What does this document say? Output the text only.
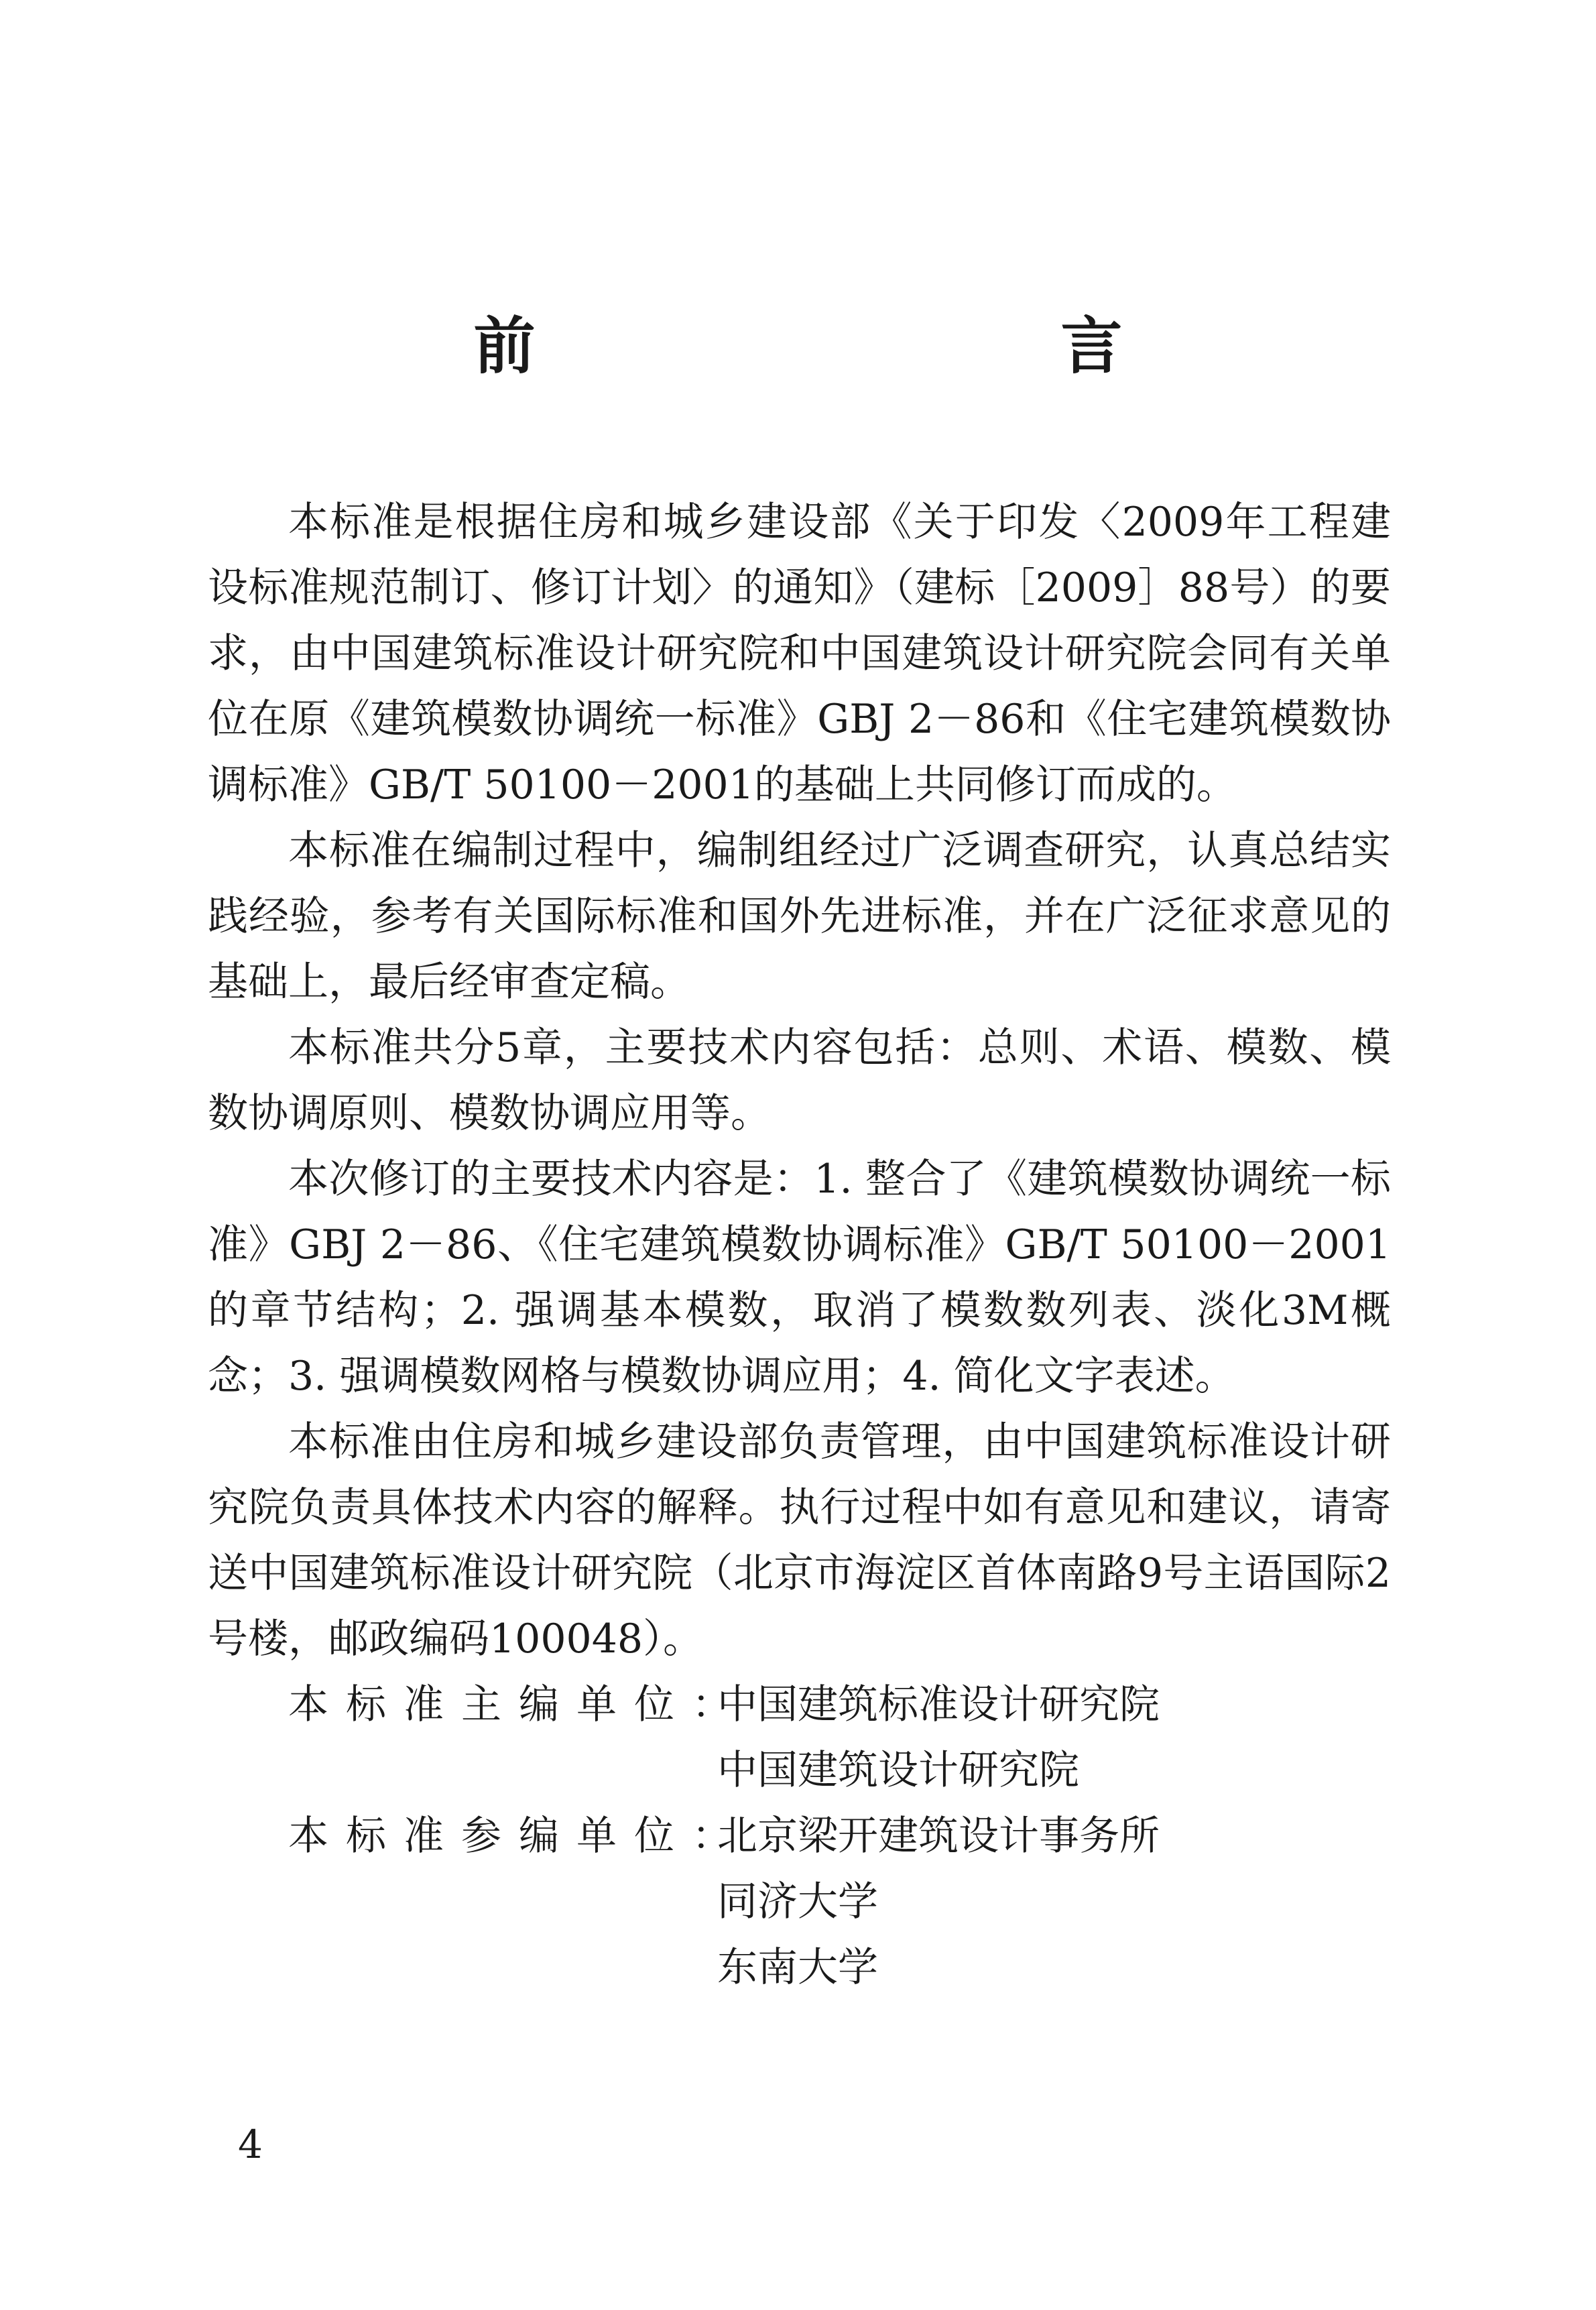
前　　言

本标准是根据住房和城乡建设部《关于印发〈2009年工程建设标准规范制订、修订计划〉的通知》（建标［2009］88号）的要求，由中国建筑标准设计研究院和中国建筑设计研究院会同有关单位在原《建筑模数协调统一标准》GBJ 2－86和《住宅建筑模数协调标准》GB/T 50100－2001的基础上共同修订而成的。

本标准在编制过程中，编制组经过广泛调查研究，认真总结实践经验，参考有关国际标准和国外先进标准，并在广泛征求意见的基础上，最后经审查定稿。

本标准共分5章，主要技术内容包括：总则、术语、模数、模数协调原则、模数协调应用等。

本次修订的主要技术内容是：1. 整合了《建筑模数协调统一标准》GBJ 2－86、《住宅建筑模数协调标准》GB/T 50100－2001的章节结构；2. 强调基本模数，取消了模数数列表、淡化3M概念；3. 强调模数网格与模数协调应用；4. 简化文字表述。

本标准由住房和城乡建设部负责管理，由中国建筑标准设计研究院负责具体技术内容的解释。执行过程中如有意见和建议，请寄送中国建筑标准设计研究院（北京市海淀区首体南路9号主语国际2号楼，邮政编码100048）。

本标准主编单位：
中国建筑标准设计研究院
中国建筑设计研究院
本标准参编单位：
北京梁开建筑设计事务所
同济大学
东南大学
4
